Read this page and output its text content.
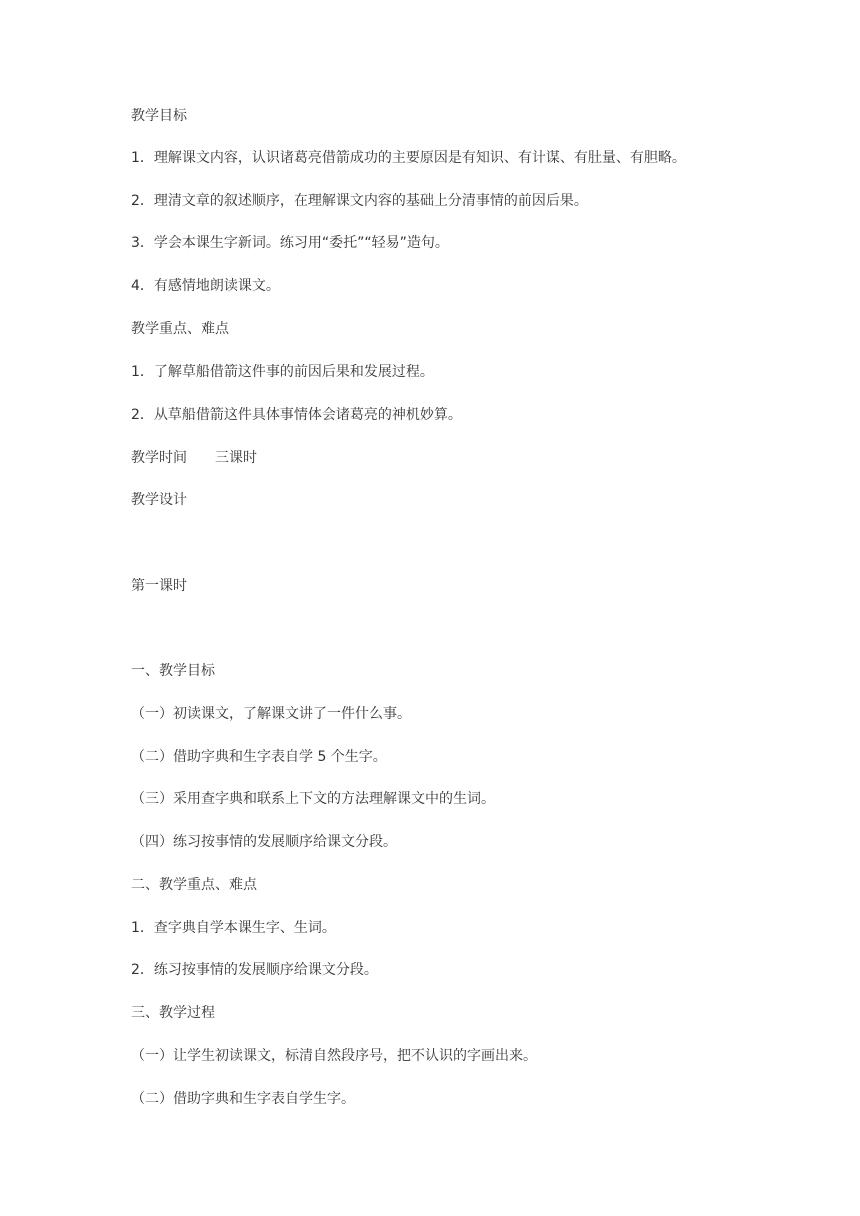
教学目标
1．理解课文内容，认识诸葛亮借箭成功的主要原因是有知识、有计谋、有肚量、有胆略。
2．理清文章的叙述顺序，在理解课文内容的基础上分清事情的前因后果。
3．学会本课生字新词。练习用“委托”“轻易”造句。
4．有感情地朗读课文。
教学重点、难点
1．了解草船借箭这件事的前因后果和发展过程。
2．从草船借箭这件具体事情体会诸葛亮的神机妙算。
教学时间　　三课时
教学设计
第一课时
一、教学目标
（一）初读课文，了解课文讲了一件什么事。
（二）借助字典和生字表自学 5 个生字。
（三）采用查字典和联系上下文的方法理解课文中的生词。
（四）练习按事情的发展顺序给课文分段。
二、教学重点、难点
1．查字典自学本课生字、生词。
2．练习按事情的发展顺序给课文分段。
三、教学过程
（一）让学生初读课文，标清自然段序号，把不认识的字画出来。
（二）借助字典和生字表自学生字。
